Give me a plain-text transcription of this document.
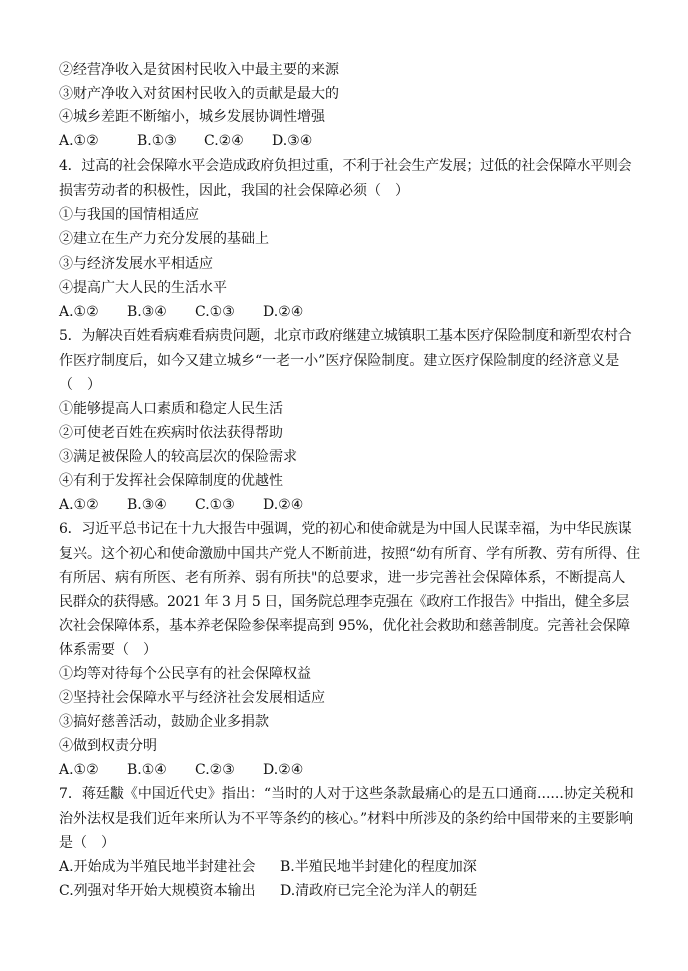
②经营净收入是贫困村民收入中最主要的来源
③财产净收入对贫困村民收入的贡献是最大的
④城乡差距不断缩小，城乡发展协调性增强
A.①②	B.①③ C.②④ D.③④
4．过高的社会保障水平会造成政府负担过重，不利于社会生产发展；过低的社会保障水平则会
损害劳动者的积极性，因此，我国的社会保障必须（　）
①与我国的国情相适应
②建立在生产力充分发展的基础上
③与经济发展水平相适应
④提高广大人民的生活水平
A.①② B.③④ C.①③ D.②④
5．为解决百姓看病难看病贵问题，北京市政府继建立城镇职工基本医疗保险制度和新型农村合
作医疗制度后，如今又建立城乡“一老一小”医疗保险制度。建立医疗保险制度的经济意义是
（　）
①能够提高人口素质和稳定人民生活
②可使老百姓在疾病时依法获得帮助
③满足被保险人的较高层次的保险需求
④有利于发挥社会保障制度的优越性
A.①② B.③④ C.①③ D.②④
6．习近平总书记在十九大报告中强调，党的初心和使命就是为中国人民谋幸福，为中华民族谋
复兴。这个初心和使命激励中国共产党人不断前进，按照“幼有所育、学有所教、劳有所得、住
有所居、病有所医、老有所养、弱有所扶"的总要求，进一步完善社会保障体系，不断提高人
民群众的获得感。2021 年 3 月 5 日，国务院总理李克强在《政府工作报告》中指出，健全多层
次社会保障体系，基本养老保险参保率提高到 95%，优化社会救助和慈善制度。完善社会保障
体系需要（　）
①均等对待每个公民享有的社会保障权益
②坚持社会保障水平与经济社会发展相适应
③搞好慈善活动，鼓励企业多捐款
④做到权责分明
A.①② B.①④ C.②③ D.②④
7．蒋廷黻《中国近代史》指出：“当时的人对于这些条款最痛心的是五口通商......协定关税和
治外法权是我们近年来所认为不平等条约的核心。”材料中所涉及的条约给中国带来的主要影响
是（　）
A.开始成为半殖民地半封建社会 B.半殖民地半封建化的程度加深
C.列强对华开始大规模资本输出 D.清政府已完全沦为洋人的朝廷
